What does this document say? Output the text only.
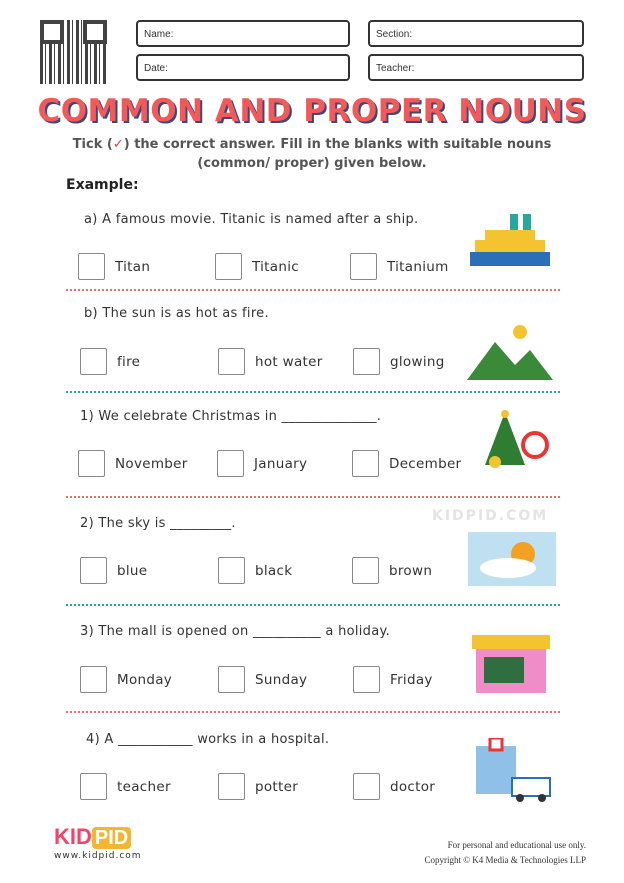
Name:	Section:
Date:	Teacher:
COMMON AND PROPER NOUNS
Tick (✓) the correct answer. Fill in the blanks with suitable nouns
(common/ proper) given below.
Example:
a) A famous movie. Titanic is named after a ship.
Titan	Titanic	Titanium
b) The sun is as hot as fire.
fire	hot water	glowing
1) We celebrate Christmas in ______________.
November	January	December
2) The sky is _________.
blue	black	brown
3) The mall is opened on __________ a holiday.
Monday	Sunday	Friday
4) A ___________ works in a hospital.
teacher	potter	doctor
KIDPID.COM
KID PID
www.kidpid.com
For personal and educational use only.
Copyright © K4 Media & Technologies LLP
